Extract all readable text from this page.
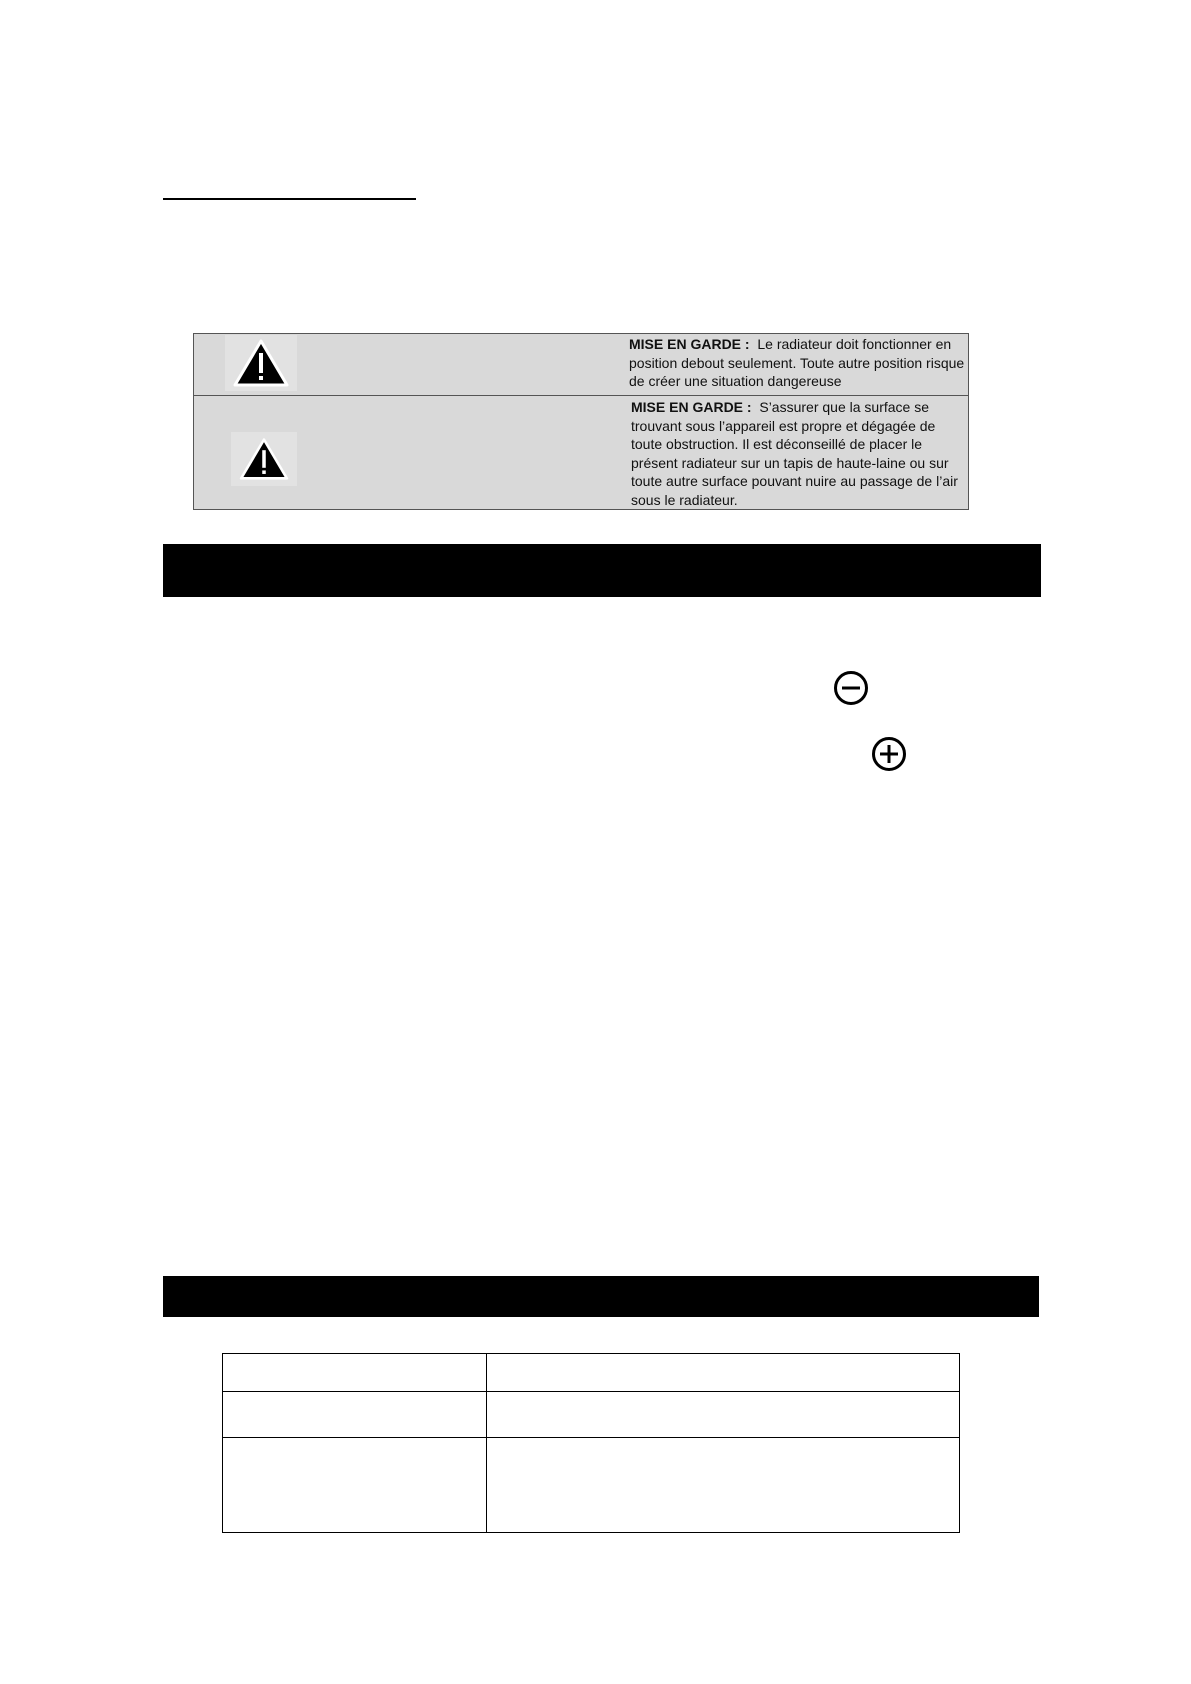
MISE EN GARDE : Le radiateur doit fonctionner en position debout seulement. Toute autre position risque de créer une situation dangereuse
MISE EN GARDE : S’assurer que la surface se trouvant sous l’appareil est propre et dégagée de toute obstruction. Il est déconseillé de placer le présent radiateur sur un tapis de haute-laine ou sur toute autre surface pouvant nuire au passage de l’air sous le radiateur.
